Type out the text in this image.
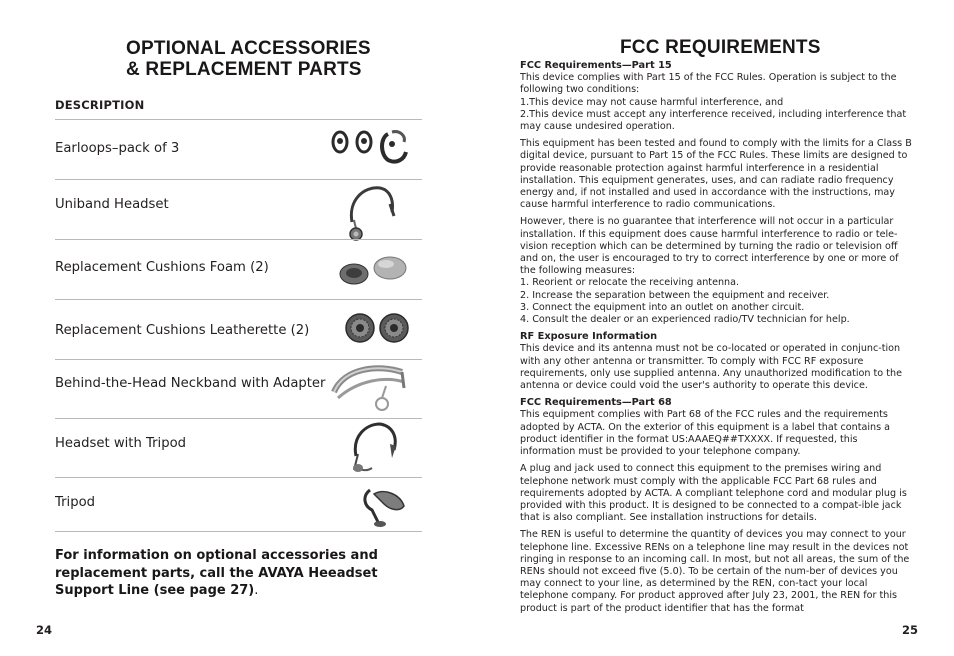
OPTIONAL ACCESSORIES
& REPLACEMENT PARTS
DESCRIPTION
Earloops–pack of 3
Uniband Headset
Replacement Cushions Foam (2)
Replacement Cushions Leatherette (2)
Behind-the-Head Neckband with Adapter
Headset with Tripod
Tripod

For information on optional accessories and replacement parts, call the AVAYA Heeadset Support Line (see page 27).

24
FCC REQUIREMENTS

FCC Requirements—Part 15

This device complies with Part 15 of the FCC Rules. Operation is subject to the following two conditions:

1.This device may not cause harmful interference, and

2.This device must accept any interference received, including interference that may cause undesired operation.

This equipment has been tested and found to comply with the limits for a Class B digital device, pursuant to Part 15 of the FCC Rules. These limits are designed to provide reasonable protection against harmful interference in a residential installation. This equipment generates, uses, and can radiate radio frequency energy and, if not installed and used in accordance with the instructions, may cause harmful interference to radio communications.

However, there is no guarantee that interference will not occur in a particular installation. If this equipment does cause harmful interference to radio or tele-vision reception which can be determined by turning the radio or television off and on, the user is encouraged to try to correct interference by one or more of the following measures:

1. Reorient or relocate the receiving antenna.
2. Increase the separation between the equipment and receiver.
3. Connect the equipment into an outlet on another circuit.
4. Consult the dealer or an experienced radio/TV technician for help.

RF Exposure Information

This device and its antenna must not be co-located or operated in conjunc-tion with any other antenna or transmitter. To comply with FCC RF exposure requirements, only use supplied antenna. Any unauthorized modification to the antenna or device could void the user's authority to operate this device.

FCC Requirements—Part 68

This equipment complies with Part 68 of the FCC rules and the requirements adopted by ACTA. On the exterior of this equipment is a label that contains a product identifier in the format US:AAAEQ##TXXXX. If requested, this information must be provided to your telephone company.

A plug and jack used to connect this equipment to the premises wiring and telephone network must comply with the applicable FCC Part 68 rules and requirements adopted by ACTA. A compliant telephone cord and modular plug is provided with this product. It is designed to be connected to a compat-ible jack that is also compliant. See installation instructions for details.

The REN is useful to determine the quantity of devices you may connect to your telephone line. Excessive RENs on a telephone line may result in the devices not ringing in response to an incoming call. In most, but not all areas, the sum of the RENs should not exceed five (5.0). To be certain of the num-ber of devices you may connect to your line, as determined by the REN, con-tact your local telephone company. For product approved after July 23, 2001, the REN for this product is part of the product identifier that has the format

25
